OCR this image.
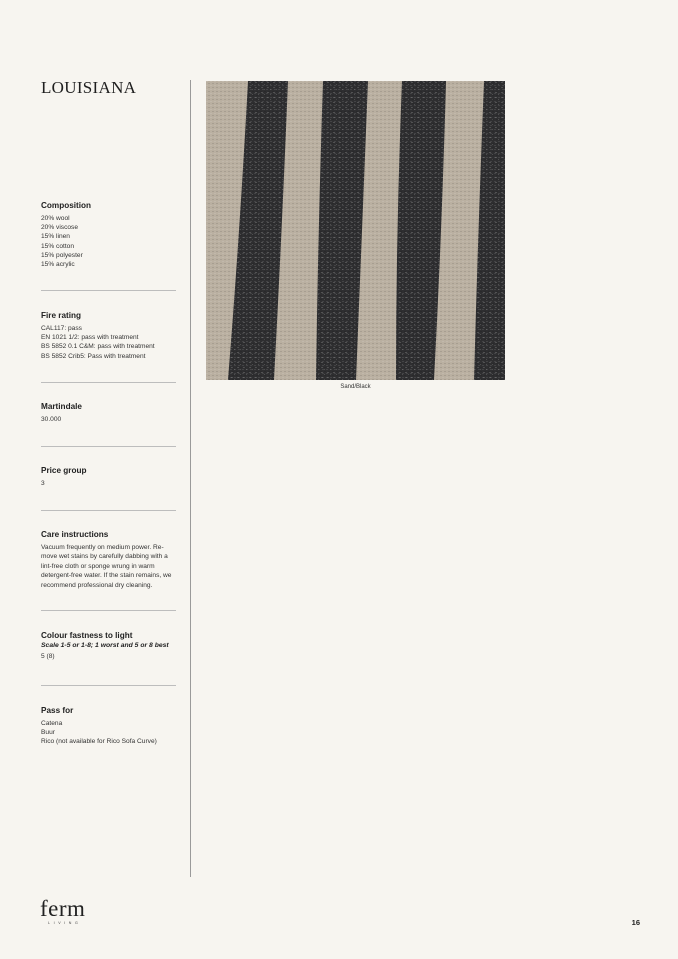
LOUISIANA
Composition
20% wool
20% viscose
15% linen
15% cotton
15% polyester
15% acrylic
Fire rating
CAL117: pass
EN 1021 1/2: pass with treatment
BS 5852 0.1 C&M: pass with treatment
BS 5852 Crib5: Pass with treatment
Martindale
30.000
Price group
3
Care instructions
Vacuum frequently on medium power. Re-move wet stains by carefully dabbing with a lint-free cloth or sponge wrung in warm detergent-free water. If the stain remains, we recommend professional dry cleaning.
Colour fastness to light
Scale 1-5 or 1-8; 1 worst and 5 or 8 best
5 (8)
Pass for
Catena
Buur
Rico (not available for Rico Sofa Curve)
Sand/Black
ferm
LIVING	16
